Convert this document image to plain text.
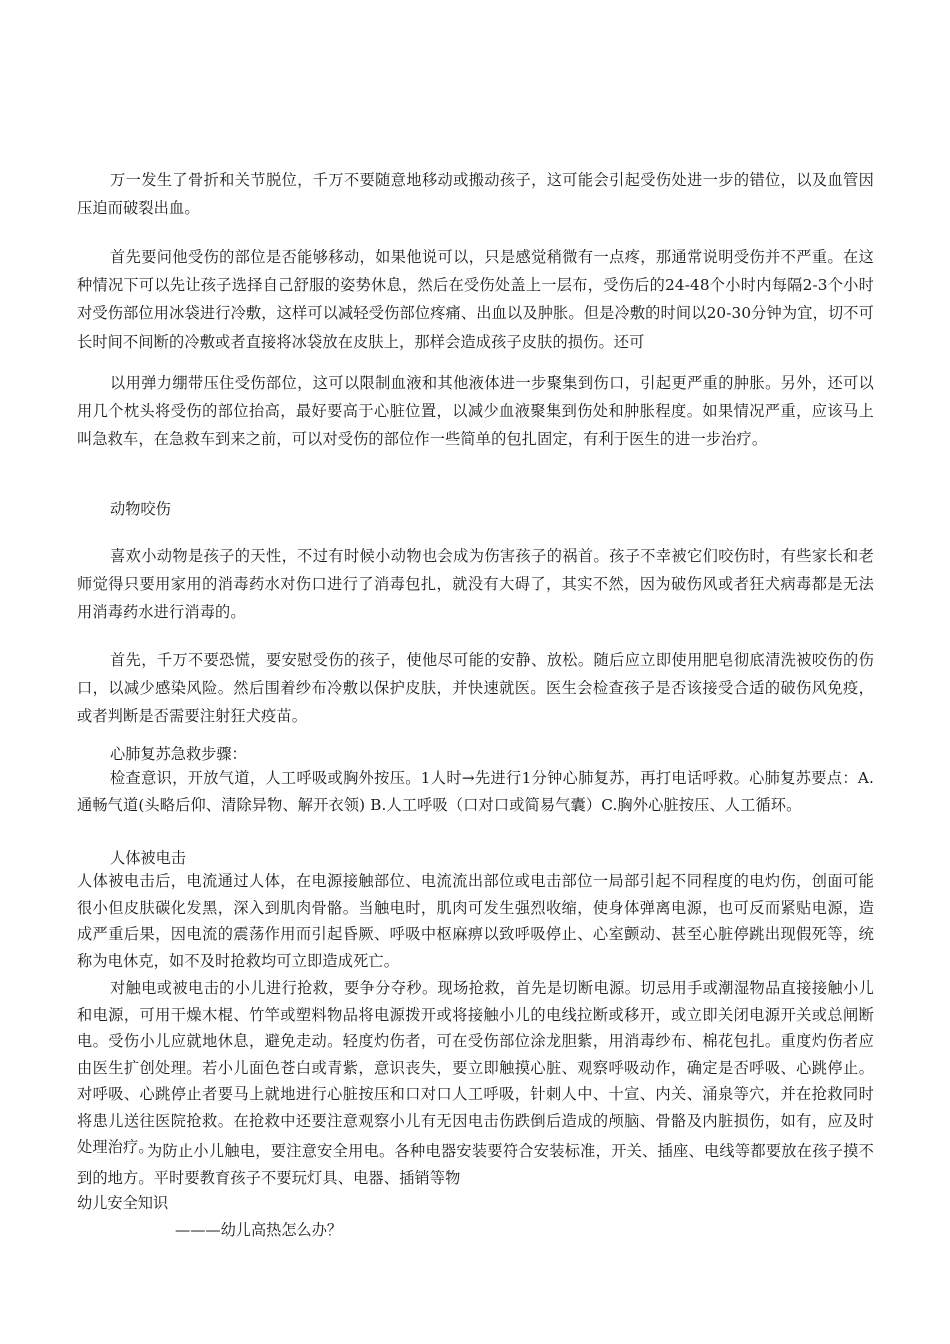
万一发生了骨折和关节脱位，千万不要随意地移动或搬动孩子，这可能会引起受伤处进一步的错位，以及血管因压迫而破裂出血。

首先要问他受伤的部位是否能够移动，如果他说可以，只是感觉稍微有一点疼，那通常说明受伤并不严重。在这种情况下可以先让孩子选择自己舒服的姿势休息，然后在受伤处盖上一层布，受伤后的24-48个小时内每隔2-3个小时对受伤部位用冰袋进行冷敷，这样可以减轻受伤部位疼痛、出血以及肿胀。但是冷敷的时间以20-30分钟为宜，切不可长时间不间断的冷敷或者直接将冰袋放在皮肤上，那样会造成孩子皮肤的损伤。还可

以用弹力绷带压住受伤部位，这可以限制血液和其他液体进一步聚集到伤口，引起更严重的肿胀。另外，还可以用几个枕头将受伤的部位抬高，最好要高于心脏位置，以减少血液聚集到伤处和肿胀程度。如果情况严重，应该马上叫急救车，在急救车到来之前，可以对受伤的部位作一些简单的包扎固定，有利于医生的进一步治疗。

动物咬伤

喜欢小动物是孩子的天性，不过有时候小动物也会成为伤害孩子的祸首。孩子不幸被它们咬伤时，有些家长和老师觉得只要用家用的消毒药水对伤口进行了消毒包扎，就没有大碍了，其实不然，因为破伤风或者狂犬病毒都是无法用消毒药水进行消毒的。

首先，千万不要恐慌，要安慰受伤的孩子，使他尽可能的安静、放松。随后应立即使用肥皂彻底清洗被咬伤的伤口，以减少感染风险。然后围着纱布冷敷以保护皮肤，并快速就医。医生会检查孩子是否该接受合适的破伤风免疫，或者判断是否需要注射狂犬疫苗。

心肺复苏急救步骤：

检查意识，开放气道，人工呼吸或胸外按压。1人时→先进行1分钟心肺复苏，再打电话呼救。心肺复苏要点：A.通畅气道(头略后仰、清除异物、解开衣领) B.人工呼吸（口对口或简易气囊）C.胸外心脏按压、人工循环。

人体被电击

人体被电击后，电流通过人体，在电源接触部位、电流流出部位或电击部位一局部引起不同程度的电灼伤，创面可能很小但皮肤碳化发黑，深入到肌肉骨骼。当触电时，肌肉可发生强烈收缩，使身体弹离电源，也可反而紧贴电源，造成严重后果，因电流的震荡作用而引起昏厥、呼吸中枢麻痹以致呼吸停止、心室颤动、甚至心脏停跳出现假死等，统称为电休克，如不及时抢救均可立即造成死亡。

对触电或被电击的小儿进行抢救，要争分夺秒。现场抢救，首先是切断电源。切忌用手或潮湿物品直接接触小儿和电源，可用干燥木棍、竹竿或塑料物品将电源拨开或将接触小儿的电线拉断或移开，或立即关闭电源开关或总闸断电。受伤小儿应就地休息，避免走动。轻度灼伤者，可在受伤部位涂龙胆紫，用消毒纱布、棉花包扎。重度灼伤者应由医生扩创处理。若小儿面色苍白或青紫，意识丧失，要立即触摸心脏、观察呼吸动作，确定是否呼吸、心跳停止。对呼吸、心跳停止者要马上就地进行心脏按压和口对口人工呼吸，针刺人中、十宣、内关、涌泉等穴，并在抢救同时将患儿送往医院抢救。在抢救中还要注意观察小儿有无因电击伤跌倒后造成的颅脑、骨骼及内脏损伤，如有，应及时处理治疗。

为防止小儿触电，要注意安全用电。各种电器安装要符合安装标准，开关、插座、电线等都要放在孩子摸不到的地方。平时要教育孩子不要玩灯具、电器、插销等物

幼儿安全知识

———幼儿高热怎么办？
